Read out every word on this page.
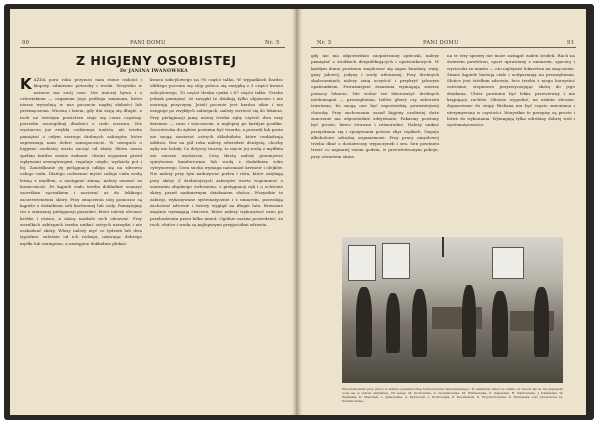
90	PANI DOMU	Nr. 5
Z HIGJENY OSOBISTEJ
Dr JANINA IWANOWSKA
KAŻDA pora roku przynosi nam różne radości i kłopoty, odmienne potrzeby i troski. Wszystko w naturze ma swój czas. Nie inaczej bywa i z człowiekiem — organizm jego podlega zmianom, które nieraz wywołują w nas poczucie nagłej słabości lub przemęczenia. Wiosną i latem, gdy dni stają się długie, a ruch na świeżym powietrzu staje się coraz częstszy, potrzeba szczególnej dbałości o ciało wzrasta. Nie wystarcza już zwykła codzienna toaleta, ale trzeba pamiętać o całym szeregu drobnych zabiegów, które zapewniają nam dobre samopoczucie. W uwagach o higjenie osobistej warto zacząć od skóry. Skóra nasza spełnia bardzo ważne zadanie: chroni organizm przed wpływami zewnętrznymi, reguluje ciepło, wydziela pot i łój. Zaniedbanie jej pielęgnacji odbija się na zdrowiu całego ciała. Dlatego codzienne mycie całego ciała wodą letnią z mydłem, a następnie zimną, należy uważać za konieczność. Po kąpieli ciało trzeba dokładnie osuszyć szorstkim ręcznikiem i nacierać aż do lekkiego zaczerwienienia skóry. Przy zmęczeniu nóg pomocne są kąpiele z dodatkiem soli kuchennej lub sody. Pamiętajmy też o starannej pielęgnacji paznokci, które należy obcinać krótko i równo, a skórę naokoło nich odsuwać. Przy wszelkich zabiegach trzeba unikać ostrych narzędzi i nie uszkadzać skóry. Włosy należy myć co tydzień lub dwa tygodnie, zależnie od ich rodzaju, używając dobrego mydła lub szamponu, a następnie dokładnie płukać.
kwasu salicylowego na 90 części talku. W wypadkach bardzo obfitego pocenia się stóp poleca się zasypkę z 3 części kwasu salicylowego, 10 części tlenku cynku i 87 części talku. Trzeba jednak pamiętać, że zasypki te działają tylko objawowo i nie usuwają przyczyny. Jeżeli pocenie jest bardzo silne i nie ustępuje po zwykłych zabiegach, należy zwrócić się do lekarza. Przy pielęgnacji jamy ustnej trzeba zęby czyścić dwa razy dziennie — rano i wieczorem, a najlepiej po każdym posiłku. Szczoteczka do zębów powinna być twarda, a proszek lub pasta nie mogą zawierać ostrych składników, które uszkadzają szkliwo. Raz na pół roku należy odwiedzić dentystę, choćby zęby nie bolały. Co dotyczy twarzy, to mycie jej wodą z mydłem nie zawsze wystarcza. Cerę tłustą należy przemywać spirytusem kamforowym lub wodą z dodatkiem soku cytrynowego. Cera sucha wymaga natomiast kremów i olejków. Nie należy przy tym nadużywać pudru i różu, które zatykają pory skóry. Z drobniejszych zabiegów warto wspomnieć o usuwaniu zbędnego owłosienia, o pielęgnacji rąk i o ochronie skóry przed nadmiernym działaniem słońca. Wszystkie te zabiegi, wykonywane systematycznie i z umiarem, pozwalają zachować zdrowie i świeży wygląd na długie lata. Brzuszne mięśnie wymagają ćwiczeń, które należy wykonywać rano po przebudzeniu przez kilka minut. Ogólnie można powiedzieć, że ruch, słońce i woda są najlepszymi przyjaciółmi zdrowia.
Nr. 5	PANI DOMU	91
gdy nie ma odpowiednio zaopatrzonej apteczki, należy pamiętać o środkach dezynfekujących i opatrunkowych. W każdym domu powinien znajdować się zapas bandaży, waty, gazy jałowej, jodyny i wody utlenionej. Przy drobnych skaleczeniach należy ranę oczyścić i przykryć jałowym opatrunkiem. Poważniejsze zranienia wymagają zawsze pomocy lekarza. Nie wolno też lekceważyć drobnych niedomagań — przeziębienia, bólów głowy czy zaburzeń trawienia, bo mogą one być zapowiedzią poważniejszej choroby. Przy zachowaniu zasad higjeny osobistej duże znaczenie ma odpowiednie odżywianie. Pokarmy powinny być proste, łatwo strawne i różnorodne. Należy unikać przejadania się i spożywania potraw zbyt ciężkich. Napoje alkoholowe szkodzą organizmowi. Przy pracy umysłowej trzeba dbać o dostateczny wypoczynek i sen. Sen powinien trwać co najmniej osiem godzin, w przewietrzonym pokoju, przy otwartem oknie.
na te trzy sprawy nie może zastąpić żaden środek. Ruch na świeżem powietrzu, sport uprawiany z umiarem, spacery i wycieczki za miasto — oto najlepsze lekarstwa na zmęczenie. Zimne kąpiele hartują ciało i uodparniają na przeziębienia. Słońce jest źródłem zdrowia, lecz trzeba z niego korzystać ostrożnie, stopniowo przyzwyczajając skórę do jego działania. Ubiór powinien być lekki, przewiewny i nie krępujący ruchów. Obuwie wygodne, na niskim obcasie, dopasowane do stopy. Bielizna ma być często zmieniana i utrzymywana w czystości. Wszystkie te przepisy są proste i łatwe do wykonania. Wymagają tylko odrobiny dobrej woli i systematyczności.
Przedszkolanki przy pracy w klinice pediatrycznej Uniwersytetu Warszawskiego. W zakładzie dzieci w wieku od trzech lat do lat piętnastu uczą się w szkole szpitalnej. Od lewej: M. Kozłowska, A. Nowakowska, M. Wiśniewska, Z. Gajewska, H. Dąbrowska, J. Kamińska, W. Zielińska, K. Mazurek, L. Jankowska, A. Krawczyk, I. Piotrowska, Z. Kaczmarek, E. Wojciechowska, Z. Michalska oraz przełożona St. Kwiatkowska.
